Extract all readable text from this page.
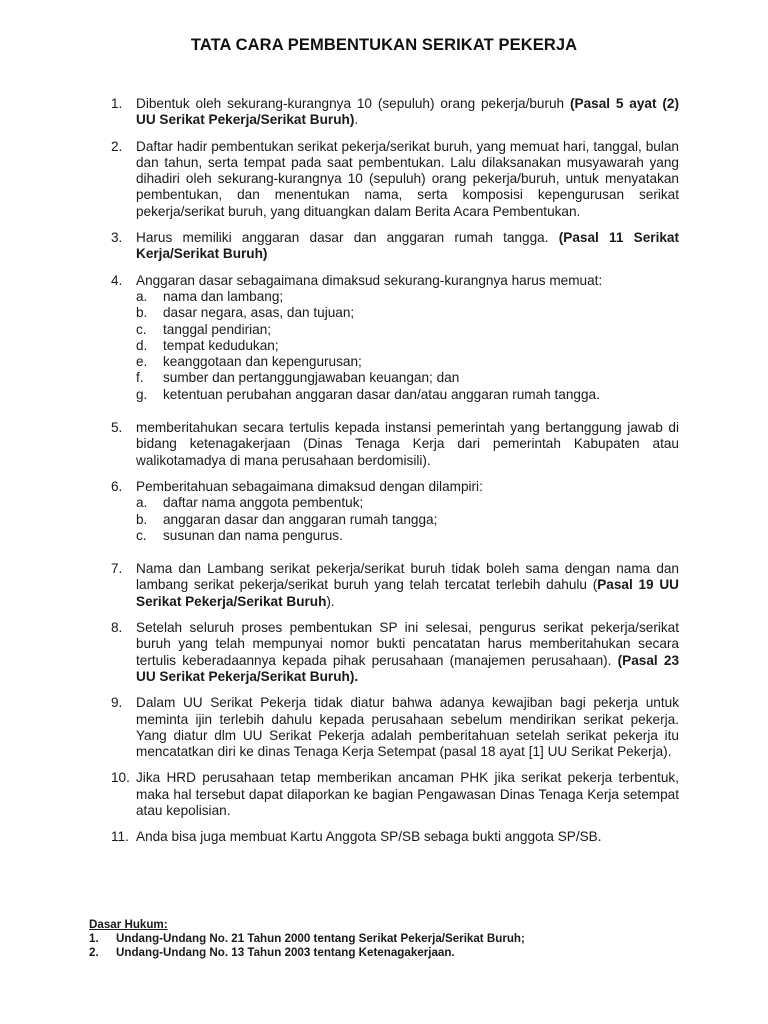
TATA CARA PEMBENTUKAN SERIKAT PEKERJA
1. Dibentuk oleh sekurang-kurangnya 10 (sepuluh) orang pekerja/buruh (Pasal 5 ayat (2) UU Serikat Pekerja/Serikat Buruh).
2. Daftar hadir pembentukan serikat pekerja/serikat buruh, yang memuat hari, tanggal, bulan dan tahun, serta tempat pada saat pembentukan. Lalu dilaksanakan musyawarah yang dihadiri oleh sekurang-kurangnya 10 (sepuluh) orang pekerja/buruh, untuk menyatakan pembentukan, dan menentukan nama, serta komposisi kepengurusan serikat pekerja/serikat buruh, yang dituangkan dalam Berita Acara Pembentukan.
3. Harus memiliki anggaran dasar dan anggaran rumah tangga. (Pasal 11 Serikat Kerja/Serikat Buruh)
4. Anggaran dasar sebagaimana dimaksud sekurang-kurangnya harus memuat:
a. nama dan lambang;
b. dasar negara, asas, dan tujuan;
c. tanggal pendirian;
d. tempat kedudukan;
e. keanggotaan dan kepengurusan;
f. sumber dan pertanggungjawaban keuangan; dan
g. ketentuan perubahan anggaran dasar dan/atau anggaran rumah tangga.
5. memberitahukan secara tertulis kepada instansi pemerintah yang bertanggung jawab di bidang ketenagakerjaan (Dinas Tenaga Kerja dari pemerintah Kabupaten atau walikotamadya di mana perusahaan berdomisili).
6. Pemberitahuan sebagaimana dimaksud dengan dilampiri:
a. daftar nama anggota pembentuk;
b. anggaran dasar dan anggaran rumah tangga;
c. susunan dan nama pengurus.
7. Nama dan Lambang serikat pekerja/serikat buruh tidak boleh sama dengan nama dan lambang serikat pekerja/serikat buruh yang telah tercatat terlebih dahulu (Pasal 19 UU Serikat Pekerja/Serikat Buruh).
8. Setelah seluruh proses pembentukan SP ini selesai, pengurus serikat pekerja/serikat buruh yang telah mempunyai nomor bukti pencatatan harus memberitahukan secara tertulis keberadaannya kepada pihak perusahaan (manajemen perusahaan). (Pasal 23 UU Serikat Pekerja/Serikat Buruh).
9. Dalam UU Serikat Pekerja tidak diatur bahwa adanya kewajiban bagi pekerja untuk meminta ijin terlebih dahulu kepada perusahaan sebelum mendirikan serikat pekerja. Yang diatur dlm UU Serikat Pekerja adalah pemberitahuan setelah serikat pekerja itu mencatatkan diri ke dinas Tenaga Kerja Setempat (pasal 18 ayat [1] UU Serikat Pekerja).
10. Jika HRD perusahaan tetap memberikan ancaman PHK jika serikat pekerja terbentuk, maka hal tersebut dapat dilaporkan ke bagian Pengawasan Dinas Tenaga Kerja setempat atau kepolisian.
11. Anda bisa juga membuat Kartu Anggota SP/SB sebaga bukti anggota SP/SB.
Dasar Hukum:
1. Undang-Undang No. 21 Tahun 2000 tentang Serikat Pekerja/Serikat Buruh;
2. Undang-Undang No. 13 Tahun 2003 tentang Ketenagakerjaan.
